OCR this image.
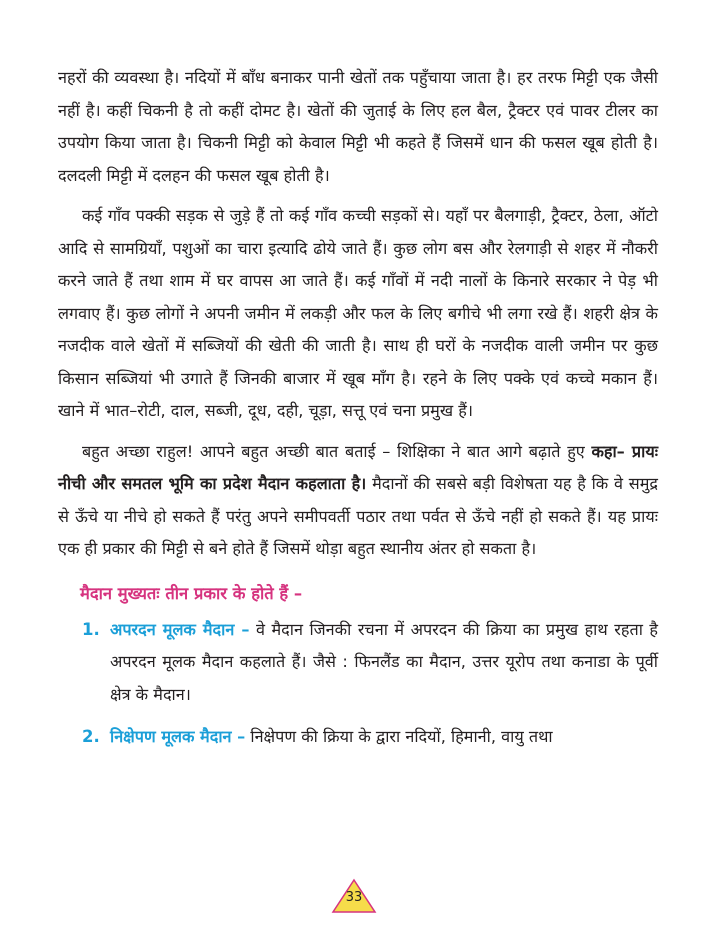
नहरों की व्यवस्था है। नदियों में बाँध बनाकर पानी खेतों तक पहुँचाया जाता है। हर तरफ मिट्टी एक जैसी नहीं है। कहीं चिकनी है तो कहीं दोमट है। खेतों की जुताई के लिए हल बैल, ट्रैक्टर एवं पावर टीलर का उपयोग किया जाता है। चिकनी मिट्टी को केवाल मिट्टी भी कहते हैं जिसमें धान की फसल खूब होती है। दलदली मिट्टी में दलहन की फसल खूब होती है।

कई गाँव पक्की सड़क से जुड़े हैं तो कई गाँव कच्ची सड़कों से। यहाँ पर बैलगाड़ी, ट्रैक्टर, ठेला, ऑटो आदि से सामग्रियाँ, पशुओं का चारा इत्यादि ढोये जाते हैं। कुछ लोग बस और रेलगाड़ी से शहर में नौकरी करने जाते हैं तथा शाम में घर वापस आ जाते हैं। कई गाँवों में नदी नालों के किनारे सरकार ने पेड़ भी लगवाए हैं। कुछ लोगों ने अपनी जमीन में लकड़ी और फल के लिए बगीचे भी लगा रखे हैं। शहरी क्षेत्र के नजदीक वाले खेतों में सब्जियों की खेती की जाती है। साथ ही घरों के नजदीक वाली जमीन पर कुछ किसान सब्जियां भी उगाते हैं जिनकी बाजार में खूब माँग है। रहने के लिए पक्के एवं कच्चे मकान हैं। खाने में भात–रोटी, दाल, सब्जी, दूध, दही, चूड़ा, सत्तू एवं चना प्रमुख हैं।

बहुत अच्छा राहुल! आपने बहुत अच्छी बात बताई – शिक्षिका ने बात आगे बढ़ाते हुए कहा– प्रायः नीची और समतल भूमि का प्रदेश मैदान कहलाता है। मैदानों की सबसे बड़ी विशेषता यह है कि वे समुद्र से ऊँचे या नीचे हो सकते हैं परंतु अपने समीपवर्ती पठार तथा पर्वत से ऊँचे नहीं हो सकते हैं। यह प्रायः एक ही प्रकार की मिट्टी से बने होते हैं जिसमें थोड़ा बहुत स्थानीय अंतर हो सकता है।

मैदान मुख्यतः तीन प्रकार के होते हैं –
1. अपरदन मूलक मैदान – वे मैदान जिनकी रचना में अपरदन की क्रिया का प्रमुख हाथ रहता है अपरदन मूलक मैदान कहलाते हैं। जैसे : फिनलैंड का मैदान, उत्तर यूरोप तथा कनाडा के पूर्वी क्षेत्र के मैदान।

2. निक्षेपण मूलक मैदान – निक्षेपण की क्रिया के द्वारा नदियों, हिमानी, वायु तथा

33
